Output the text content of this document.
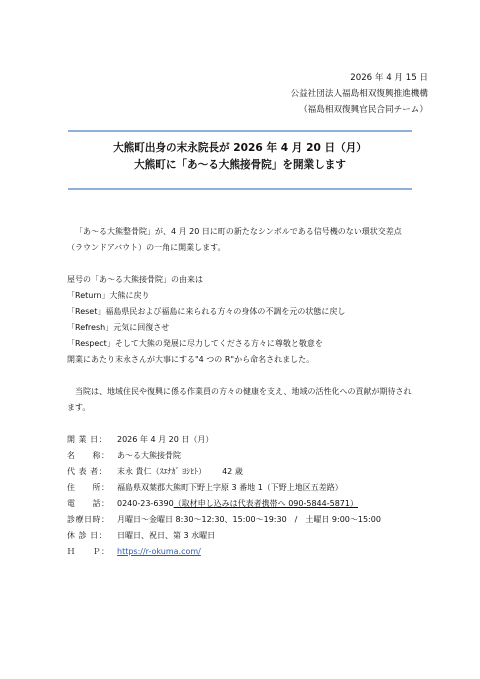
2026 年 4 月 15 日
公益社団法人福島相双復興推進機構
（福島相双復興官民合同チーム）
大熊町出身の末永院長が 2026 年 4 月 20 日（月）
大熊町に「あ～る大熊接骨院」を開業します

「あ～る大熊整骨院」が、4 月 20 日に町の新たなシンボルである信号機のない環状交差点（ラウンドアバウト）の一角に開業します。

屋号の「あ～る大熊接骨院」の由来は

「Return」大熊に戻り

「Reset」福島県民および福島に来られる方々の身体の不調を元の状態に戻し

「Refresh」元気に回復させ

「Respect」そして大熊の発展に尽力してくださる方々に尊敬と敬意を

開業にあたり末永さんが大事にする"4 つの R"から命名されました。

当院は、地域住民や復興に係る作業員の方々の健康を支え、地域の活性化への貢献が期待されます。

開 業 日：	2026 年 4 月 20 日（月）
名　　称： あ～る大熊接骨院
代 表 者：	末永 貴仁（ｽｴﾅｶﾞ ﾖｼﾋﾄ） 42 歳
住　　所： 福島県双葉郡大熊町下野上字原 3 番地 1（下野上地区五差路）
電　　話： 0240-23-6390 （取材申し込みは代表者携帯へ 090-5844-5871）
診療日時： 月曜日～金曜日 8:30～12:30、15:00～19:30　/　土曜日 9:00～15:00
休 診 日：	日曜日、祝日、第 3 水曜日
Ｈ　　Ｐ： https://r-okuma.com/
